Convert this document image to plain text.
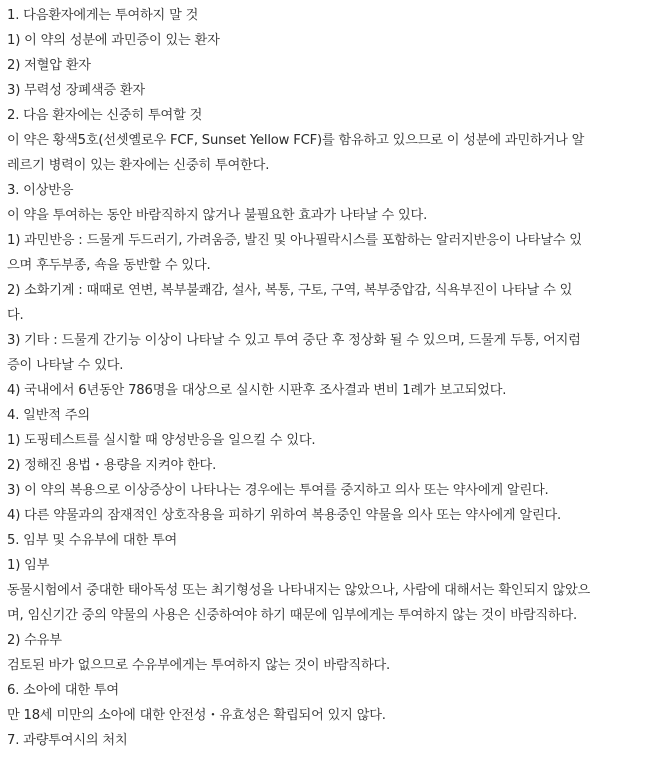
1. 다음환자에게는 투여하지 말 것
1) 이 약의 성분에 과민증이 있는 환자
2) 저혈압 환자
3) 무력성 장폐색증 환자
2. 다음 환자에는 신중히 투여할 것
이 약은 황색5호(선셋옐로우 FCF, Sunset Yellow FCF)를 함유하고 있으므로 이 성분에 과민하거나 알
레르기 병력이 있는 환자에는 신중히 투여한다.
3. 이상반응
이 약을 투여하는 동안 바람직하지 않거나 불필요한 효과가 나타날 수 있다.
1) 과민반응 : 드물게 두드러기, 가려움증, 발진 및 아나필락시스를 포함하는 알러지반응이 나타날수 있
으며 후두부종, 쇽을 동반할 수 있다.
2) 소화기계 : 때때로 연변, 복부불쾌감, 설사, 복통, 구토, 구역, 복부중압감, 식욕부진이 나타날 수 있
다.
3) 기타 : 드물게 간기능 이상이 나타날 수 있고 투여 중단 후 정상화 될 수 있으며, 드물게 두통, 어지럼
증이 나타날 수 있다.
4) 국내에서 6년동안 786명을 대상으로 실시한 시판후 조사결과 변비 1례가 보고되었다.
4. 일반적 주의
1) 도핑테스트를 실시할 때 양성반응을 일으킬 수 있다.
2) 정해진 용법・용량을 지켜야 한다.
3) 이 약의 복용으로 이상증상이 나타나는 경우에는 투여를 중지하고 의사 또는 약사에게 알린다.
4) 다른 약물과의 잠재적인 상호작용을 피하기 위하여 복용중인 약물을 의사 또는 약사에게 알린다.
5. 임부 및 수유부에 대한 투여
1) 임부
동물시험에서 중대한 태아독성 또는 최기형성을 나타내지는 않았으나, 사람에 대해서는 확인되지 않았으
며, 임신기간 중의 약물의 사용은 신중하여야 하기 때문에 임부에게는 투여하지 않는 것이 바람직하다.
2) 수유부
검토된 바가 없으므로 수유부에게는 투여하지 않는 것이 바람직하다.
6. 소아에 대한 투여
만 18세 미만의 소아에 대한 안전성・유효성은 확립되어 있지 않다.
7. 과량투여시의 처치
